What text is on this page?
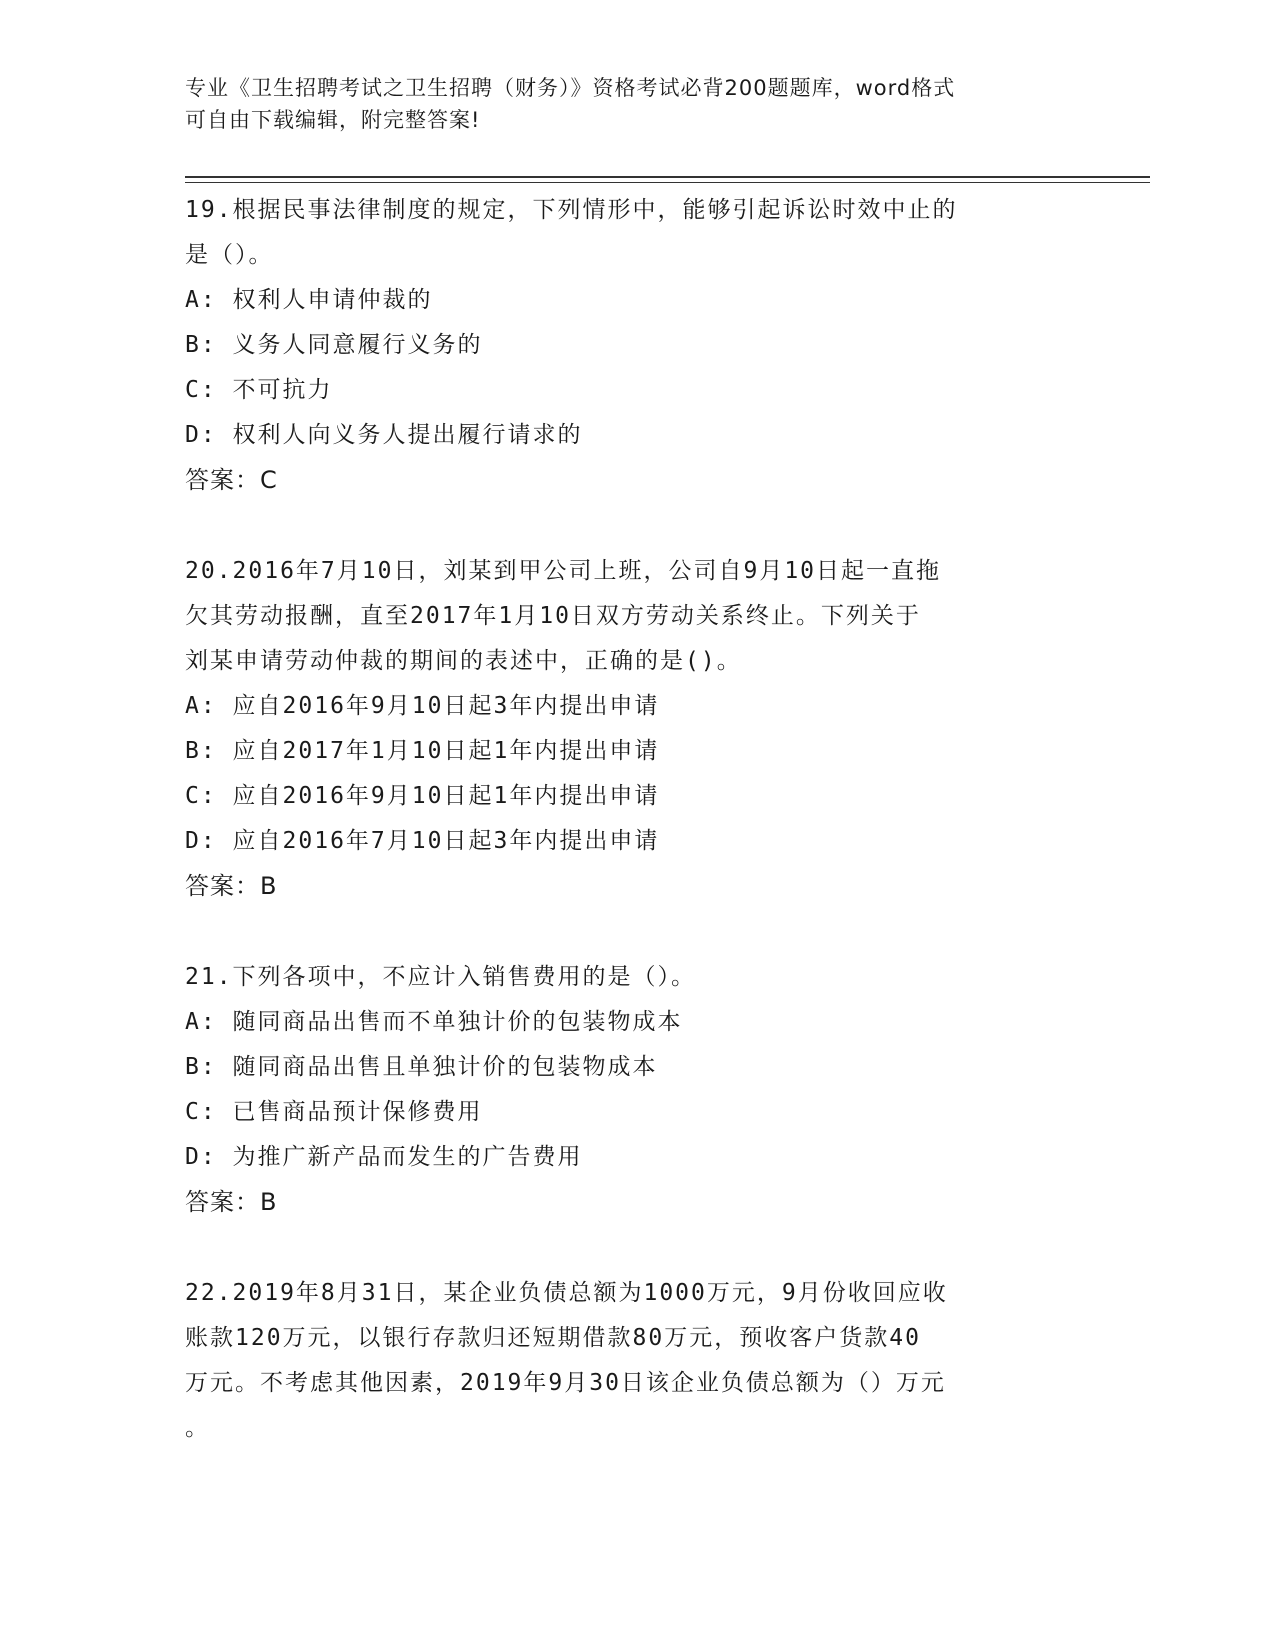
专业《卫生招聘考试之卫生招聘（财务）》资格考试必背200题题库，word格式
可自由下载编辑，附完整答案!
19.根据民事法律制度的规定，下列情形中，能够引起诉讼时效中止的
是（）。
A: 权利人申请仲裁的
B: 义务人同意履行义务的
C: 不可抗力
D: 权利人向义务人提出履行请求的
答案：C
20.2016年7月10日，刘某到甲公司上班，公司自9月10日起一直拖
欠其劳动报酬，直至2017年1月10日双方劳动关系终止。下列关于
刘某申请劳动仲裁的期间的表述中，正确的是()。
A: 应自2016年9月10日起3年内提出申请
B: 应自2017年1月10日起1年内提出申请
C: 应自2016年9月10日起1年内提出申请
D: 应自2016年7月10日起3年内提出申请
答案：B
21.下列各项中，不应计入销售费用的是（）。
A: 随同商品出售而不单独计价的包装物成本
B: 随同商品出售且单独计价的包装物成本
C: 已售商品预计保修费用
D: 为推广新产品而发生的广告费用
答案：B
22.2019年8月31日，某企业负债总额为1000万元，9月份收回应收
账款120万元，以银行存款归还短期借款80万元，预收客户货款40
万元。不考虑其他因素，2019年9月30日该企业负债总额为（）万元
。
